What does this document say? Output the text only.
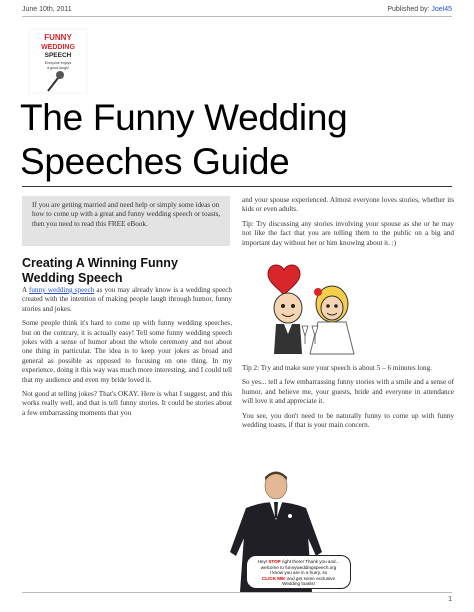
June 10th, 2011	Published by: Joel45
FUNNY
WEDDING
SPEECH
Everyone enjoys
a good laugh!
The Funny Wedding
Speeches Guide
If you are getting married and need help or simply some ideas on how to come up with a great and funny wedding speech or toasts, then you need to read this FREE eBook.
Creating A Winning Funny Wedding Speech

A funny wedding speech as you may already know is a wedding speech created with the intention of making people laugh through humor, funny stories and jokes.

Some people think it's hard to come up with funny wedding speeches, but on the contrary, it is actually easy! Tell some funny wedding speech jokes with a sense of humor about the whole ceremony and not about one thing in particular. The idea is to keep your jokes as broad and general as possible as opposed to focusing on one thing. In my experience, doing it this way was much more interesting, and I could tell that my audience and even my bride loved it.

Not good at telling jokes? That's OKAY. Here is what I suggest, and this works really well, and that is tell funny stories. It could be stories about a few embarrassing moments that you

and your spouse experienced. Almost everyone loves stories, whether its kids or even adults.

Tip: Try discussing any stories involving your spouse as she or he may not like the fact that you are telling them to the public on a big and important day without her or him knowing about it. :)

Tip 2: Try and make sure your speech is about 5 – 6 minutes long.

So yes... tell a few embarrassing funny stories with a smile and a sense of humor, and believe me, your guests, bride and everyone in attendance will love it and appreciate it.

You see, you don't need to be naturally funny to come up with funny wedding toasts, if that is your main concern.

Hey! STOP right there! Thank you and...
welcome to funnyweddingspeech.org
I know you are in a hurry, so
CLICK ME! and get some exclusive
Wedding toasts!
1
